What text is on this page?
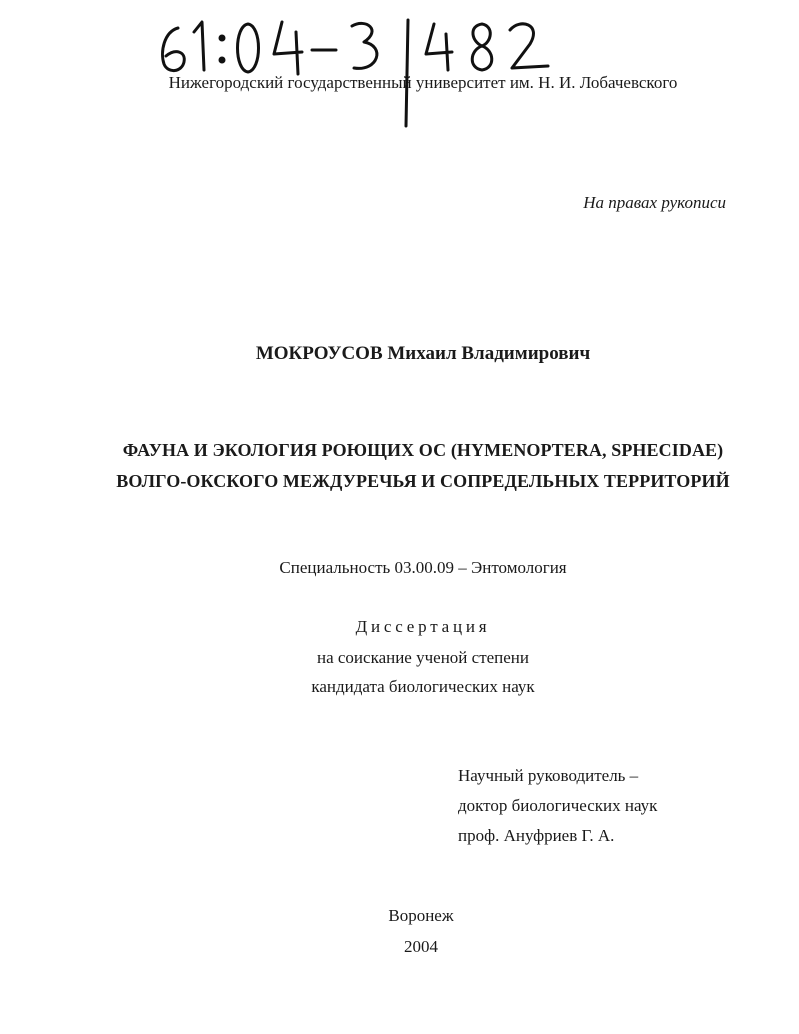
Нижегородский государственный университет им. Н. И. Лобачевского
На правах рукописи
МОКРОУСОВ Михаил Владимирович
ФАУНА И ЭКОЛОГИЯ РОЮЩИХ ОС (HYMENOPTERA, SPHECIDAE)
ВОЛГО-ОКСКОГО МЕЖДУРЕЧЬЯ И СОПРЕДЕЛЬНЫХ ТЕРРИТОРИЙ
Специальность 03.00.09 – Энтомология
Диссертация
на соискание ученой степени
кандидата биологических наук
Научный руководитель –
доктор биологических наук
проф. Ануфриев Г. А.
Воронеж
2004
